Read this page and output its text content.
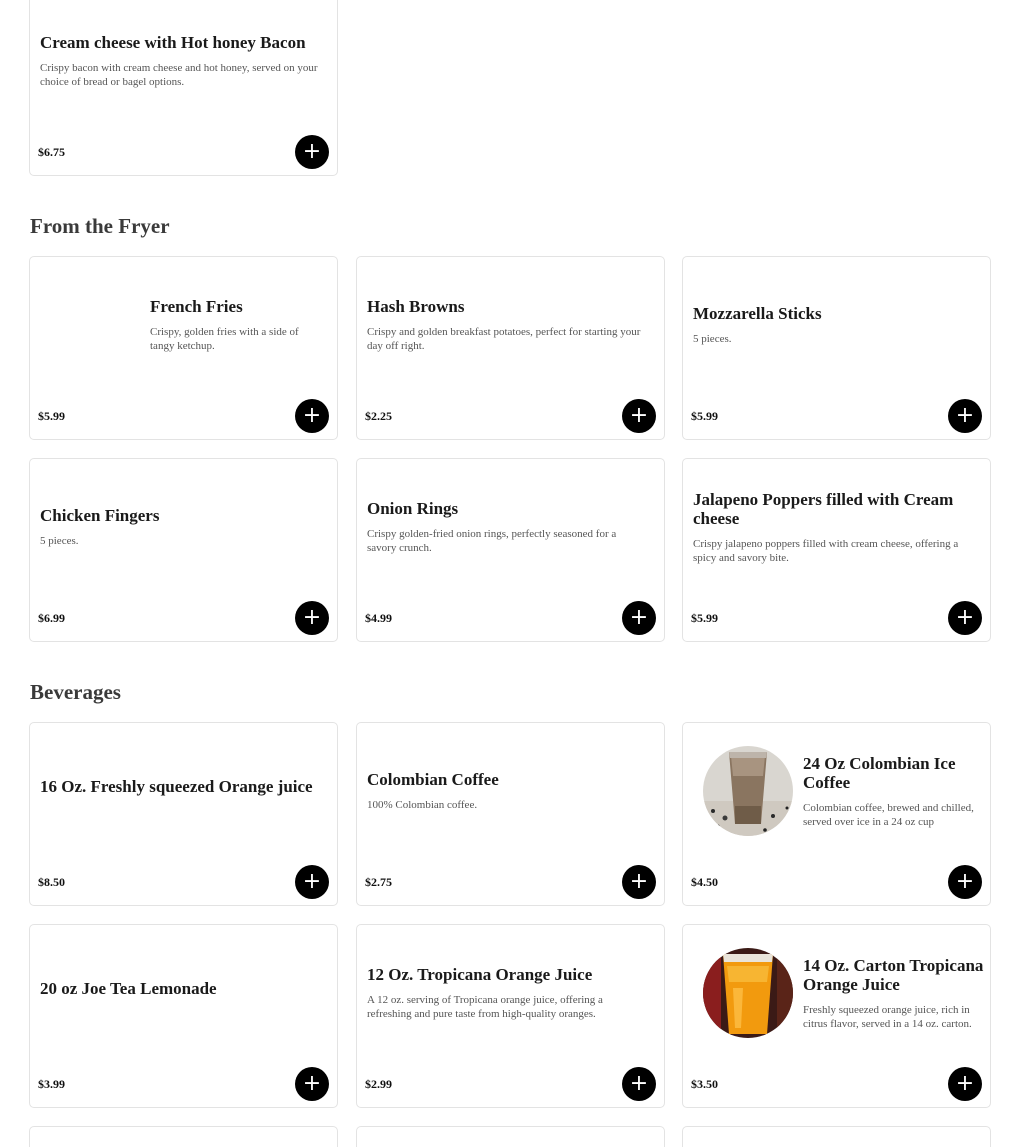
Cream cheese with Hot honey Bacon
Crispy bacon with cream cheese and hot honey, served on your choice of bread or bagel options.
$6.75	+
From the Fryer
French Fries
Crispy, golden fries with a side of tangy ketchup.
$5.99	+
Hash Browns
Crispy and golden breakfast potatoes, perfect for starting your day off right.
$2.25	+
Mozzarella Sticks
5 pieces.
$5.99	+
Chicken Fingers
5 pieces.
$6.99	+
Onion Rings
Crispy golden-fried onion rings, perfectly seasoned for a savory crunch.
$4.99	+
Jalapeno Poppers filled with Cream cheese
Crispy jalapeno poppers filled with cream cheese, offering a spicy and savory bite.
$5.99	+
Beverages
16 Oz. Freshly squeezed Orange juice
$8.50	+
Colombian Coffee
100% Colombian coffee.
$2.75	+
24 Oz Colombian Ice Coffee
Colombian coffee, brewed and chilled, served over ice in a 24 oz cup
$4.50	+
20 oz Joe Tea Lemonade
$3.99	+
12 Oz. Tropicana Orange Juice
A 12 oz. serving of Tropicana orange juice, offering a refreshing and pure taste from high-quality oranges.
$2.99	+
14 Oz. Carton Tropicana Orange Juice
Freshly squeezed orange juice, rich in citrus flavor, served in a 14 oz. carton.
$3.50	+
